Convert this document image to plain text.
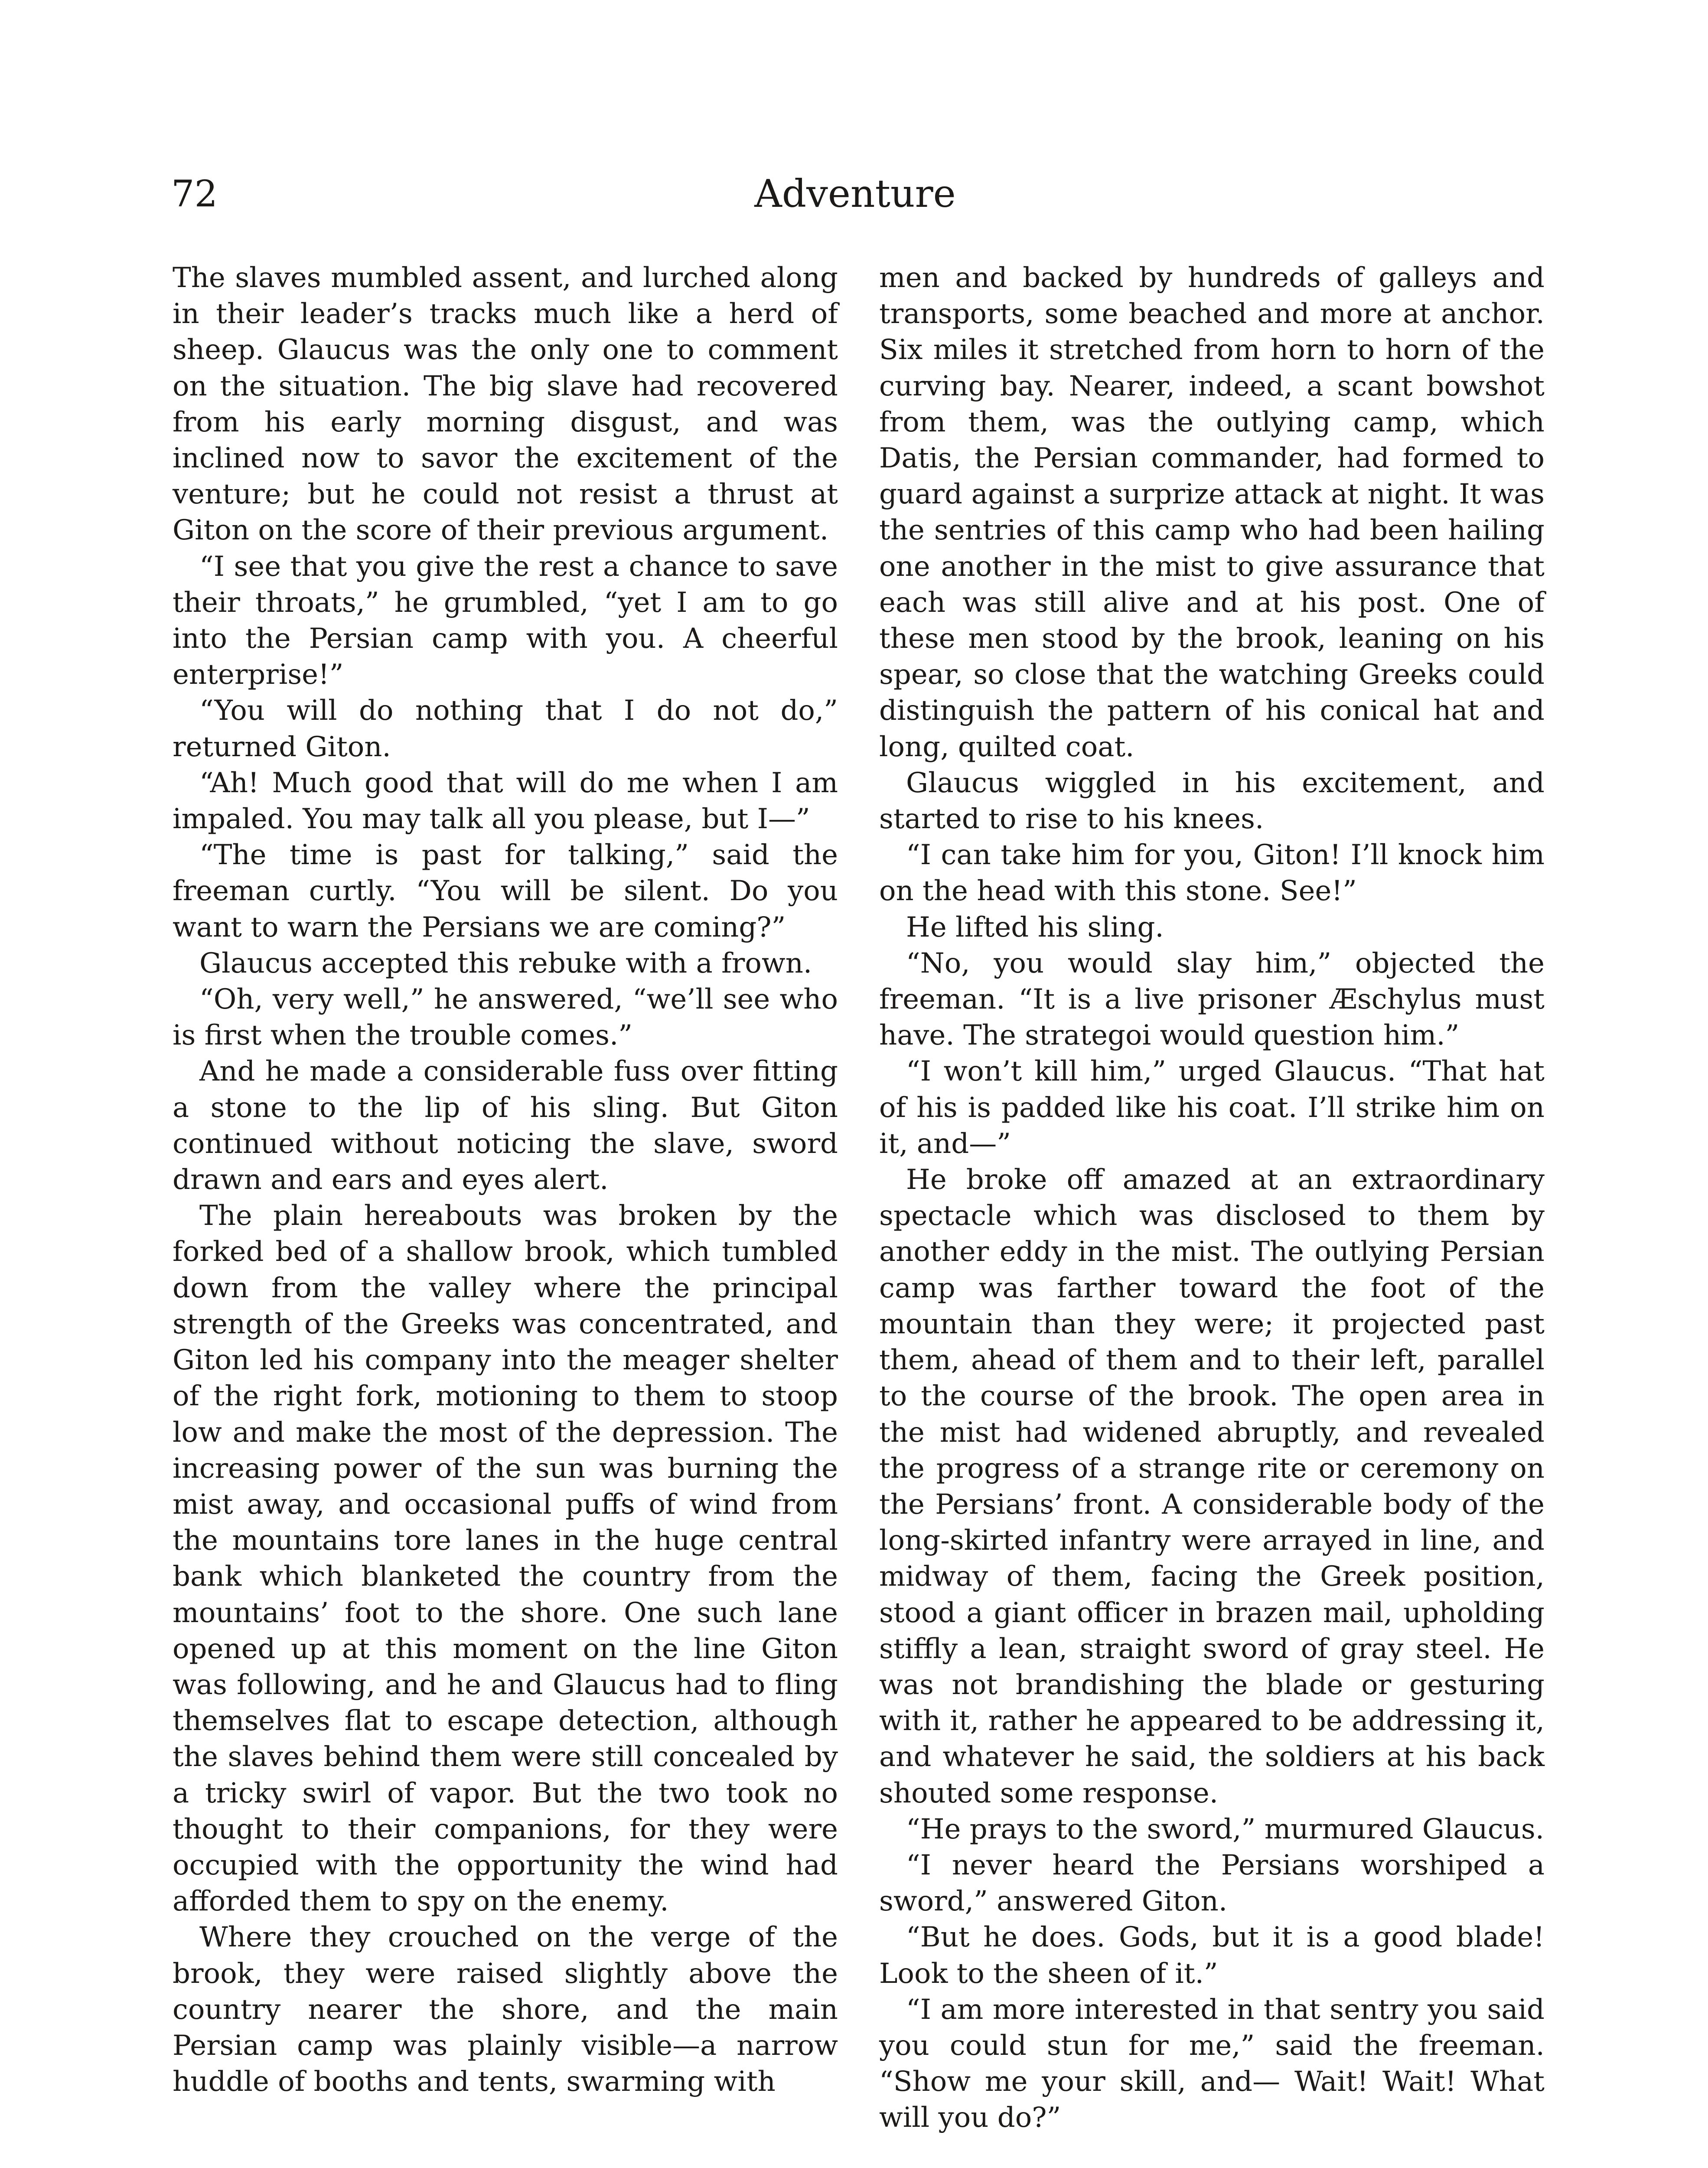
72	Adventure

The slaves mumbled assent, and lurched along in their leader’s tracks much like a herd of sheep. Glaucus was the only one to comment on the situation. The big slave had recovered from his early morning disgust, and was inclined now to savor the excitement of the venture; but he could not resist a thrust at Giton on the score of their previous argument.

“I see that you give the rest a chance to save their throats,” he grumbled, “yet I am to go into the Persian camp with you. A cheerful enterprise!”

“You will do nothing that I do not do,” returned Giton.

“Ah! Much good that will do me when I am impaled. You may talk all you please, but I—”

“The time is past for talking,” said the freeman curtly. “You will be silent. Do you want to warn the Persians we are coming?”

Glaucus accepted this rebuke with a frown.

“Oh, very well,” he answered, “we’ll see who is first when the trouble comes.”

And he made a considerable fuss over fitting a stone to the lip of his sling. But Giton continued without noticing the slave, sword drawn and ears and eyes alert.

The plain hereabouts was broken by the forked bed of a shallow brook, which tumbled down from the valley where the principal strength of the Greeks was concentrated, and Giton led his company into the meager shelter of the right fork, motioning to them to stoop low and make the most of the depression. The increasing power of the sun was burning the mist away, and occasional puffs of wind from the mountains tore lanes in the huge central bank which blanketed the country from the mountains’ foot to the shore. One such lane opened up at this moment on the line Giton was following, and he and Glaucus had to fling themselves flat to escape detection, although the slaves behind them were still concealed by a tricky swirl of vapor. But the two took no thought to their companions, for they were occupied with the opportunity the wind had afforded them to spy on the enemy.

Where they crouched on the verge of the brook, they were raised slightly above the country nearer the shore, and the main Persian camp was plainly visible—a narrow huddle of booths and tents, swarming with

men and backed by hundreds of galleys and transports, some beached and more at anchor. Six miles it stretched from horn to horn of the curving bay. Nearer, indeed, a scant bowshot from them, was the outlying camp, which Datis, the Persian commander, had formed to guard against a surprize attack at night. It was the sentries of this camp who had been hailing one another in the mist to give assurance that each was still alive and at his post. One of these men stood by the brook, leaning on his spear, so close that the watching Greeks could distinguish the pattern of his conical hat and long, quilted coat.

Glaucus wiggled in his excitement, and started to rise to his knees.

“I can take him for you, Giton! I’ll knock him on the head with this stone. See!”

He lifted his sling.

“No, you would slay him,” objected the freeman. “It is a live prisoner Æschylus must have. The strategoi would question him.”

“I won’t kill him,” urged Glaucus. “That hat of his is padded like his coat. I’ll strike him on it, and—”

He broke off amazed at an extraordinary spectacle which was disclosed to them by another eddy in the mist. The outlying Persian camp was farther toward the foot of the mountain than they were; it projected past them, ahead of them and to their left, parallel to the course of the brook. The open area in the mist had widened abruptly, and revealed the progress of a strange rite or ceremony on the Persians’ front. A considerable body of the long-skirted infantry were arrayed in line, and midway of them, facing the Greek position, stood a giant officer in brazen mail, upholding stiffly a lean, straight sword of gray steel. He was not brandishing the blade or gesturing with it, rather he appeared to be addressing it, and whatever he said, the soldiers at his back shouted some response.

“He prays to the sword,” murmured Glaucus.

“I never heard the Persians worshiped a sword,” answered Giton.

“But he does. Gods, but it is a good blade! Look to the sheen of it.”

“I am more interested in that sentry you said you could stun for me,” said the freeman. “Show me your skill, and— Wait! Wait! What will you do?”
